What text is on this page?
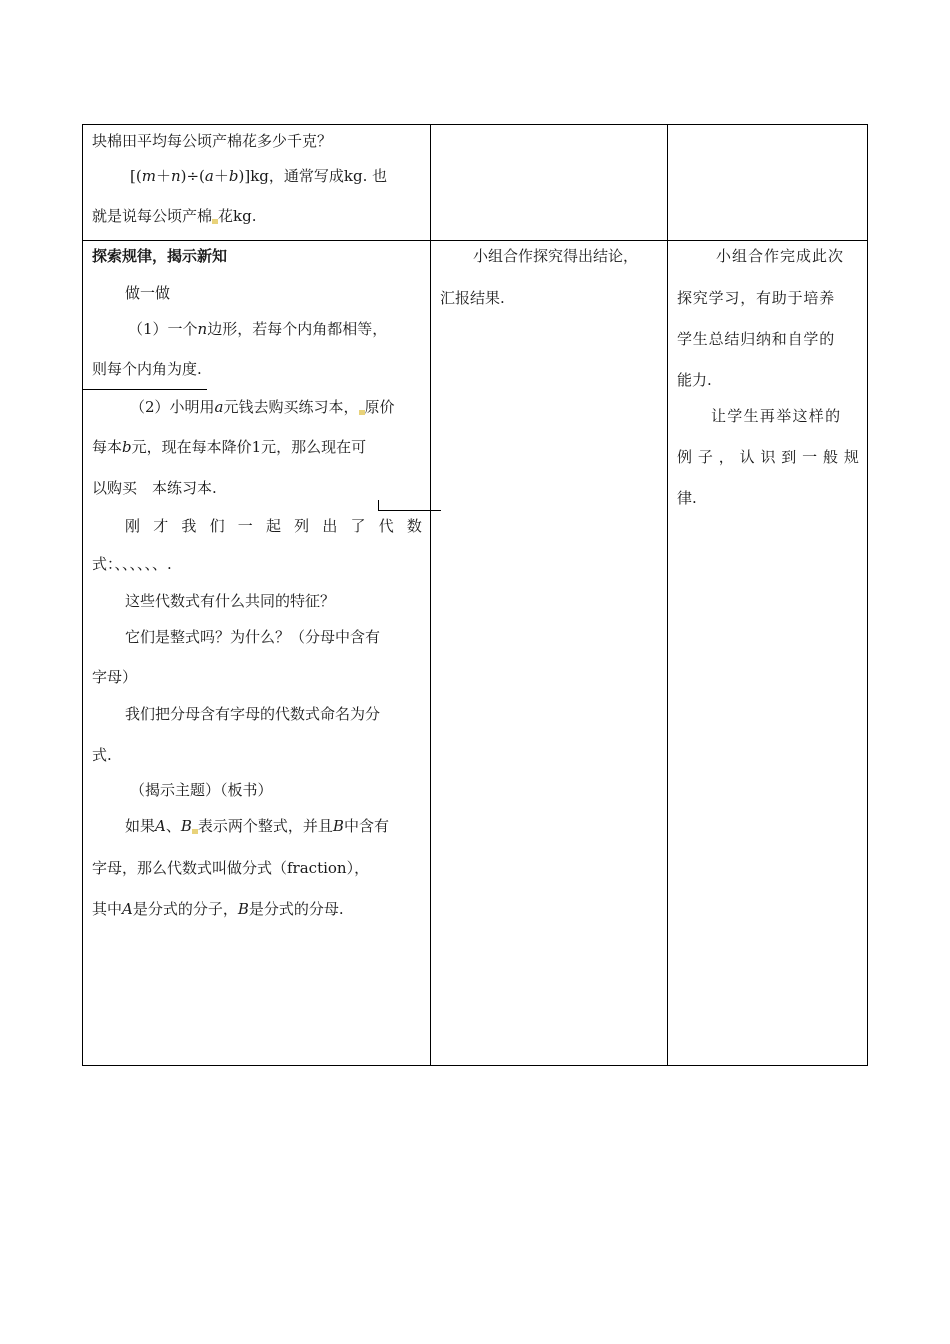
块棉田平均每公顷产棉花多少千克？
[(m＋n)÷(a＋b)]kg，通常写成kg. 也
就是说每公顷产棉 花kg.
探索规律，揭示新知
做一做
（1）一个n边形，若每个内角都相等，
则每个内角为度.
（2）小明用a元钱去购买练习本， 原价
每本b元，现在每本降价1元，那么现在可
以购买　本练习本.
刚 才 我 们 一 起 列 出 了 代 数
式：、、、、、、.
这些代数式有什么共同的特征？
它们是整式吗？为什么？（分母中含有
字母）
我们把分母含有字母的代数式命名为分
式.
（揭示主题）（板书）
如果A、B 表示两个整式，并且B中含有
字母，那么代数式叫做分式（fraction），
其中A是分式的分子，B是分式的分母.
小组合作探究得出结论，
汇报结果.
小组合作完成此次
探究学习，有助于培养
学生总结归纳和自学的
能力.
让学生再举这样的
例 子 ， 认 识 到 一 般 规
律.
